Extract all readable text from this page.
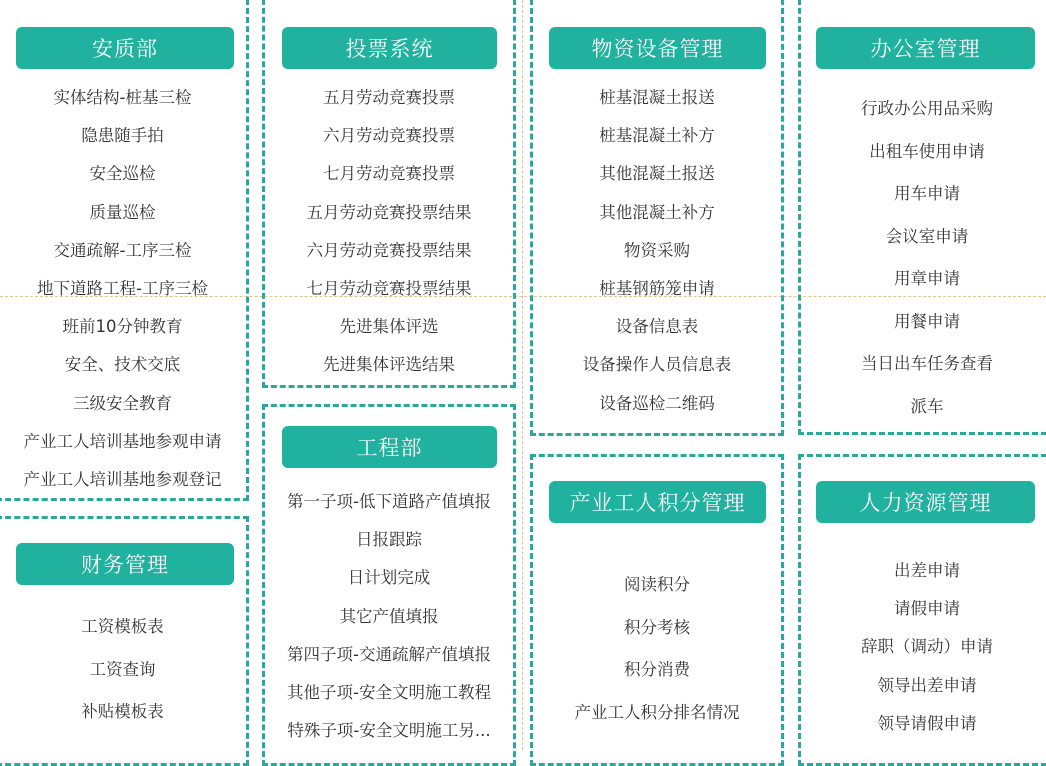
安质部
实体结构-桩基三检
隐患随手拍
安全巡检
质量巡检
交通疏解-工序三检
地下道路工程-工序三检
班前10分钟教育
安全、技术交底
三级安全教育
产业工人培训基地参观申请
产业工人培训基地参观登记
投票系统
五月劳动竞赛投票
六月劳动竞赛投票
七月劳动竞赛投票
五月劳动竞赛投票结果
六月劳动竞赛投票结果
七月劳动竞赛投票结果
先进集体评选
先进集体评选结果
物资设备管理
桩基混凝土报送
桩基混凝土补方
其他混凝土报送
其他混凝土补方
物资采购
桩基钢筋笼申请
设备信息表
设备操作人员信息表
设备巡检二维码
办公室管理
行政办公用品采购
出租车使用申请
用车申请
会议室申请
用章申请
用餐申请
当日出车任务查看
派车
财务管理
工资模板表
工资查询
补贴模板表
工程部
第一子项-低下道路产值填报
日报跟踪
日计划完成
其它产值填报
第四子项-交通疏解产值填报
其他子项-安全文明施工教程
特殊子项-安全文明施工另...
产业工人积分管理
阅读积分
积分考核
积分消费
产业工人积分排名情况
人力资源管理
出差申请
请假申请
辞职（调动）申请
领导出差申请
领导请假申请
